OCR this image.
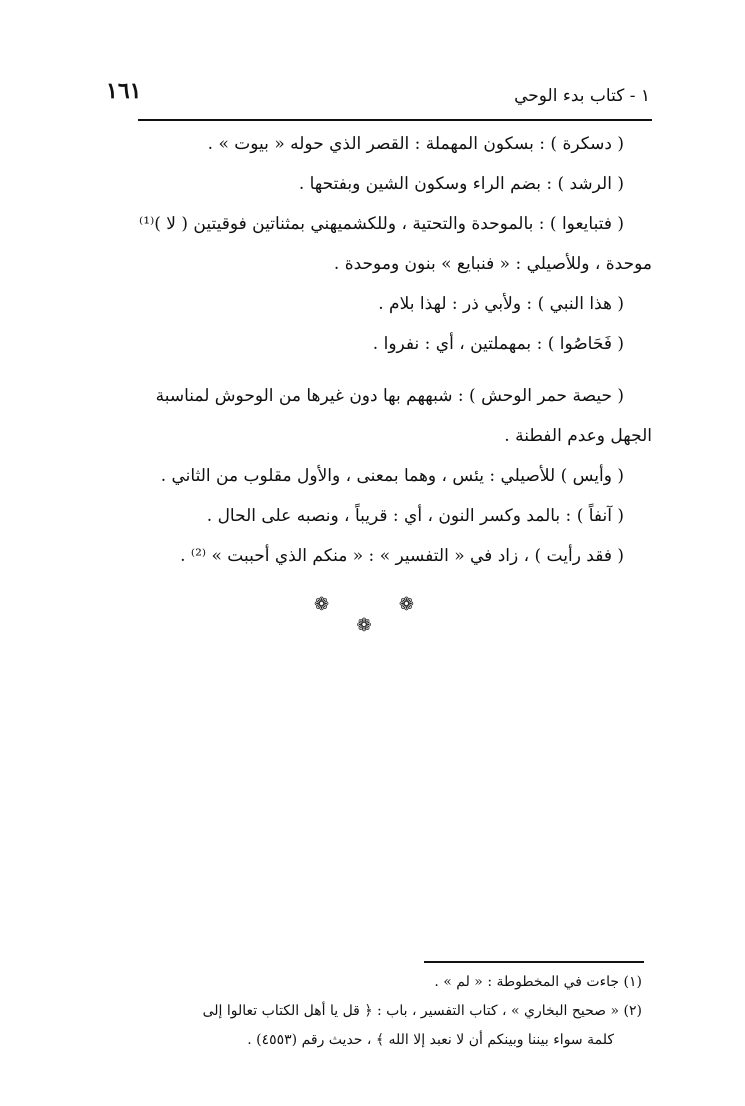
١٦١	١ - كتاب بدء الوحي
( دسكرة ) : بسكون المهملة : القصر الذي حوله « بيوت » .
( الرشد ) : بضم الراء وسكون الشين وبفتحها .
( فتبايعوا ) : بالموحدة والتحتية ، وللكشميهني بمثناتين فوقيتين ( لا )⁽¹⁾
موحدة ، وللأصيلي : « فنبايع » بنون وموحدة .
( هذا النبي ) : ولأبي ذر : لهذا بلام .
( فَحَاصُوا ) : بمهملتين ، أي : نفروا .
( حيصة حمر الوحش ) : شبههم بها دون غيرها من الوحوش لمناسبة
الجهل وعدم الفطنة .
( وأيس ) للأصيلي : يئس ، وهما بمعنى ، والأول مقلوب من الثاني .
( آنفاً ) : بالمد وكسر النون ، أي : قريباً ، ونصبه على الحال .
( فقد رأيت ) ، زاد في « التفسير » : « منكم الذي أحببت » ⁽²⁾ .
❁ ❁ ❁
(١) جاءت في المخطوطة : « لم » .
(٢) « صحيح البخاري » ، كتاب التفسير ، باب : ﴿ قل يا أهل الكتاب تعالوا إلى
كلمة سواء بيننا وبينكم أن لا نعبد إلا الله ﴾ ، حديث رقم (٤٥٥٣) .
